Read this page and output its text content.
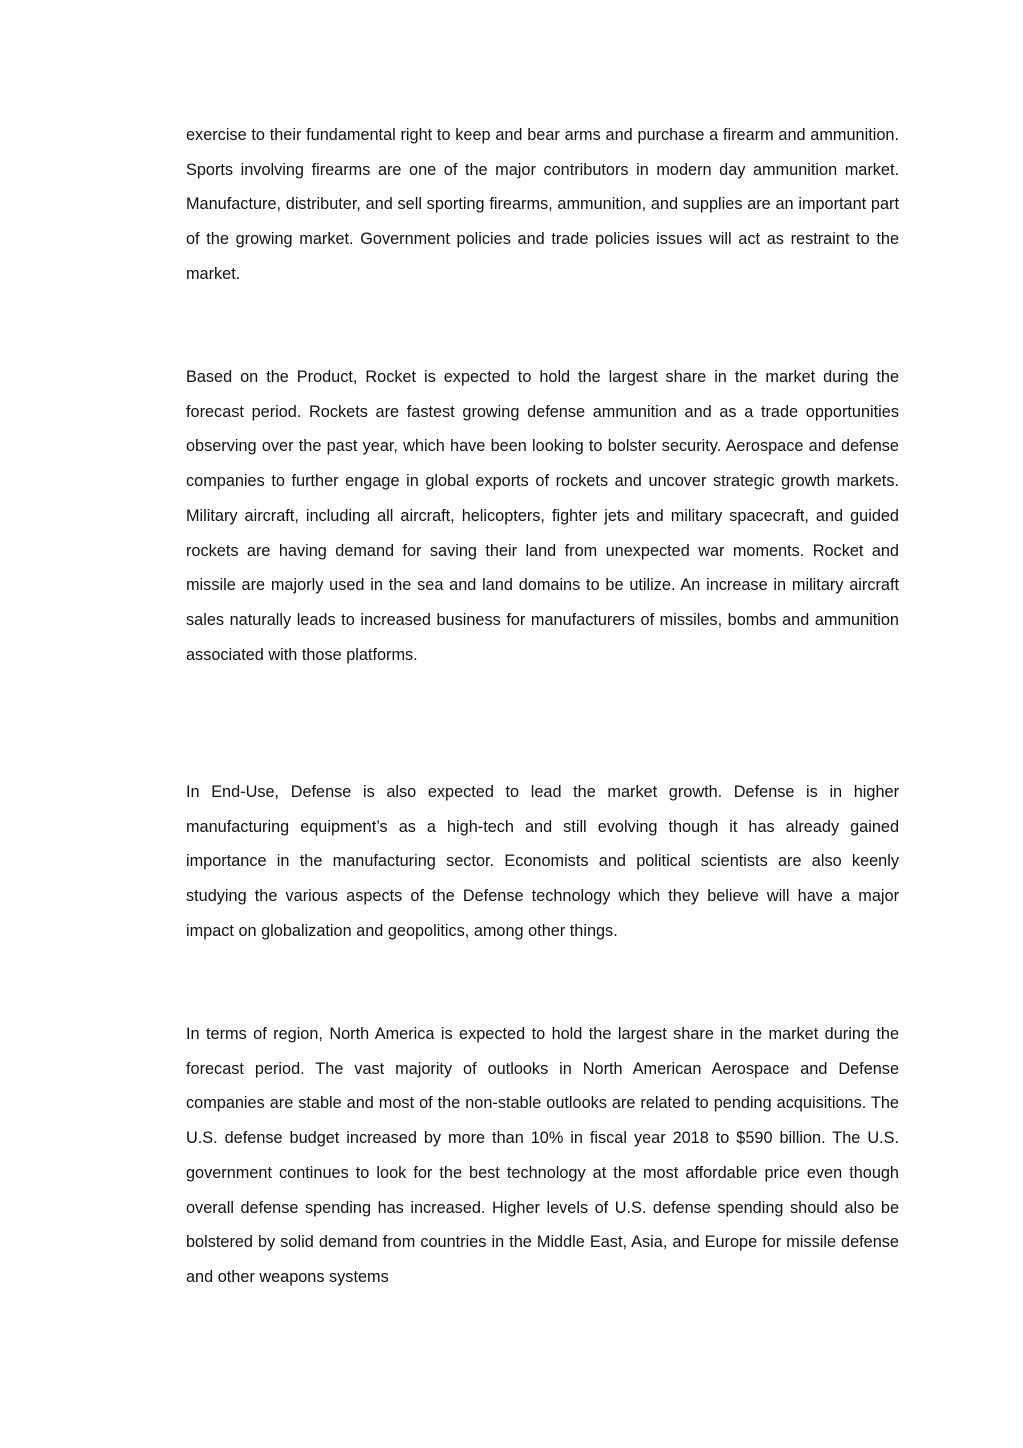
exercise to their fundamental right to keep and bear arms and purchase a firearm and ammunition. Sports involving firearms are one of the major contributors in modern day ammunition market. Manufacture, distributer, and sell sporting firearms, ammunition, and supplies are an important part of the growing market. Government policies and trade policies issues will act as restraint to the market.

Based on the Product, Rocket is expected to hold the largest share in the market during the forecast period. Rockets are fastest growing defense ammunition and as a trade opportunities observing over the past year, which have been looking to bolster security. Aerospace and defense companies to further engage in global exports of rockets and uncover strategic growth markets. Military aircraft, including all aircraft, helicopters, fighter jets and military spacecraft, and guided rockets are having demand for saving their land from unexpected war moments. Rocket and missile are majorly used in the sea and land domains to be utilize. An increase in military aircraft sales naturally leads to increased business for manufacturers of missiles, bombs and ammunition associated with those platforms.

In End-Use, Defense is also expected to lead the market growth. Defense is in higher manufacturing equipment’s as a high-tech and still evolving though it has already gained importance in the manufacturing sector. Economists and political scientists are also keenly studying the various aspects of the Defense technology which they believe will have a major impact on globalization and geopolitics, among other things.

In terms of region, North America is expected to hold the largest share in the market during the forecast period. The vast majority of outlooks in North American Aerospace and Defense companies are stable and most of the non-stable outlooks are related to pending acquisitions. The U.S. defense budget increased by more than 10% in fiscal year 2018 to $590 billion. The U.S. government continues to look for the best technology at the most affordable price even though overall defense spending has increased. Higher levels of U.S. defense spending should also be bolstered by solid demand from countries in the Middle East, Asia, and Europe for missile defense and other weapons systems
